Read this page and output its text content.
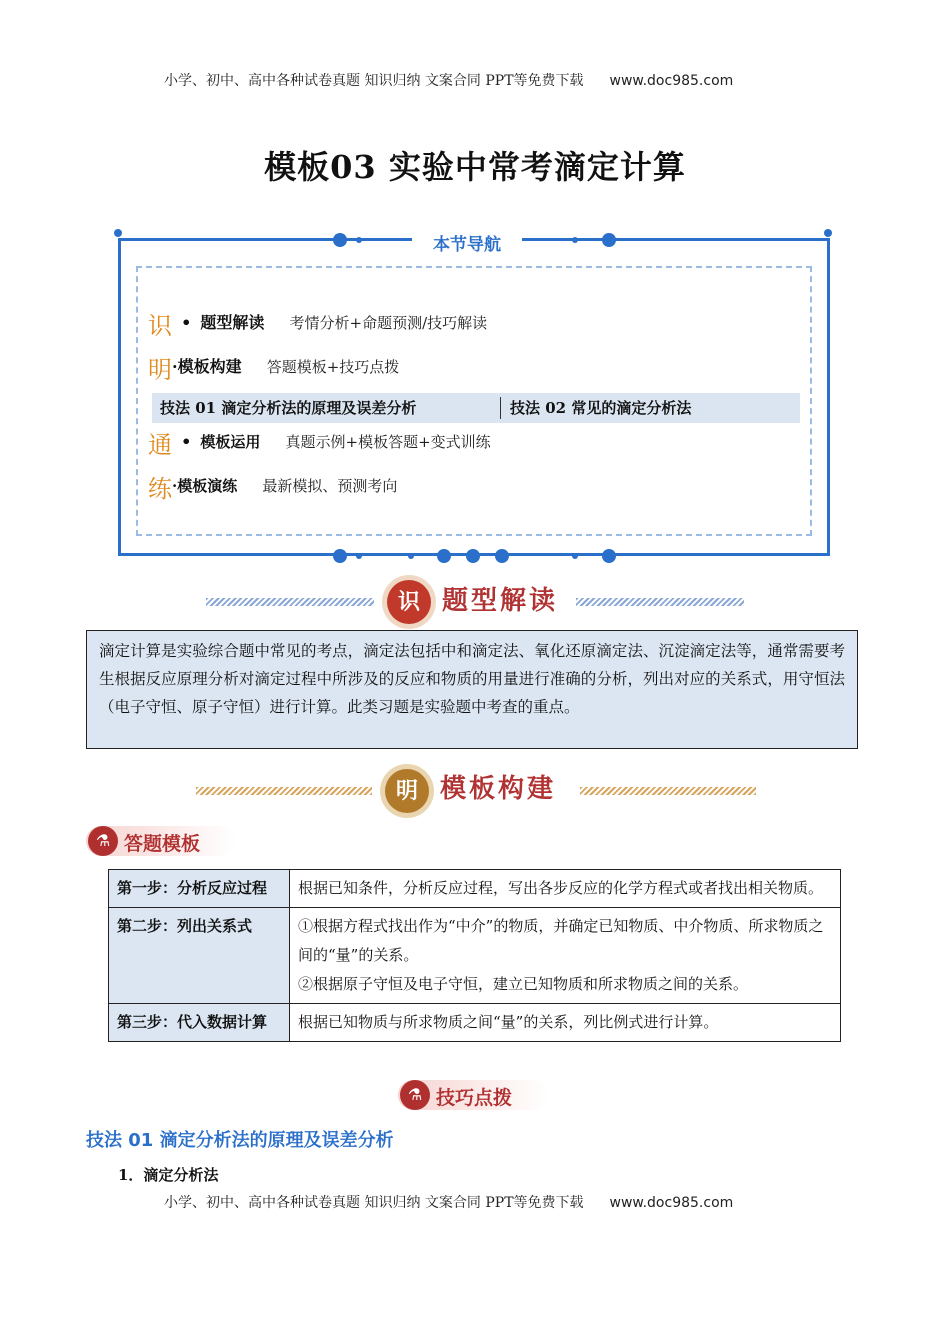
小学、初中、高中各种试卷真题 知识归纳 文案合同 PPT等免费下载 www.doc985.com
模板03 实验中常考滴定计算
本节导航
识 • 题型解读 考情分析+命题预测/技巧解读
明·模板构建 答题模板+技巧点拨
技法 01 滴定分析法的原理及误差分析	技法 02 常见的滴定分析法
通 • 模板运用 真题示例+模板答题+变式训练
练·模板演练 最新模拟、预测考向
识 题型解读
滴定计算是实验综合题中常见的考点，滴定法包括中和滴定法、氧化还原滴定法、沉淀滴定法等，通常需要考生根据反应原理分析对滴定过程中所涉及的反应和物质的用量进行准确的分析，列出对应的关系式，用守恒法（电子守恒、原子守恒）进行计算。此类习题是实验题中考查的重点。
明 模板构建
⚗ 答题模板
第一步：分析反应过程	根据已知条件，分析反应过程，写出各步反应的化学方程式或者找出相关物质。

第二步：列出关系式	①根据方程式找出作为“中介”的物质，并确定已知物质、中介物质、所求物质之间的“量”的关系。
②根据原子守恒及电子守恒，建立已知物质和所求物质之间的关系。

第三步：代入数据计算	根据已知物质与所求物质之间“量”的关系，列比例式进行计算。
⚗ 技巧点拨
技法 01 滴定分析法的原理及误差分析
1．滴定分析法
小学、初中、高中各种试卷真题 知识归纳 文案合同 PPT等免费下载 www.doc985.com
